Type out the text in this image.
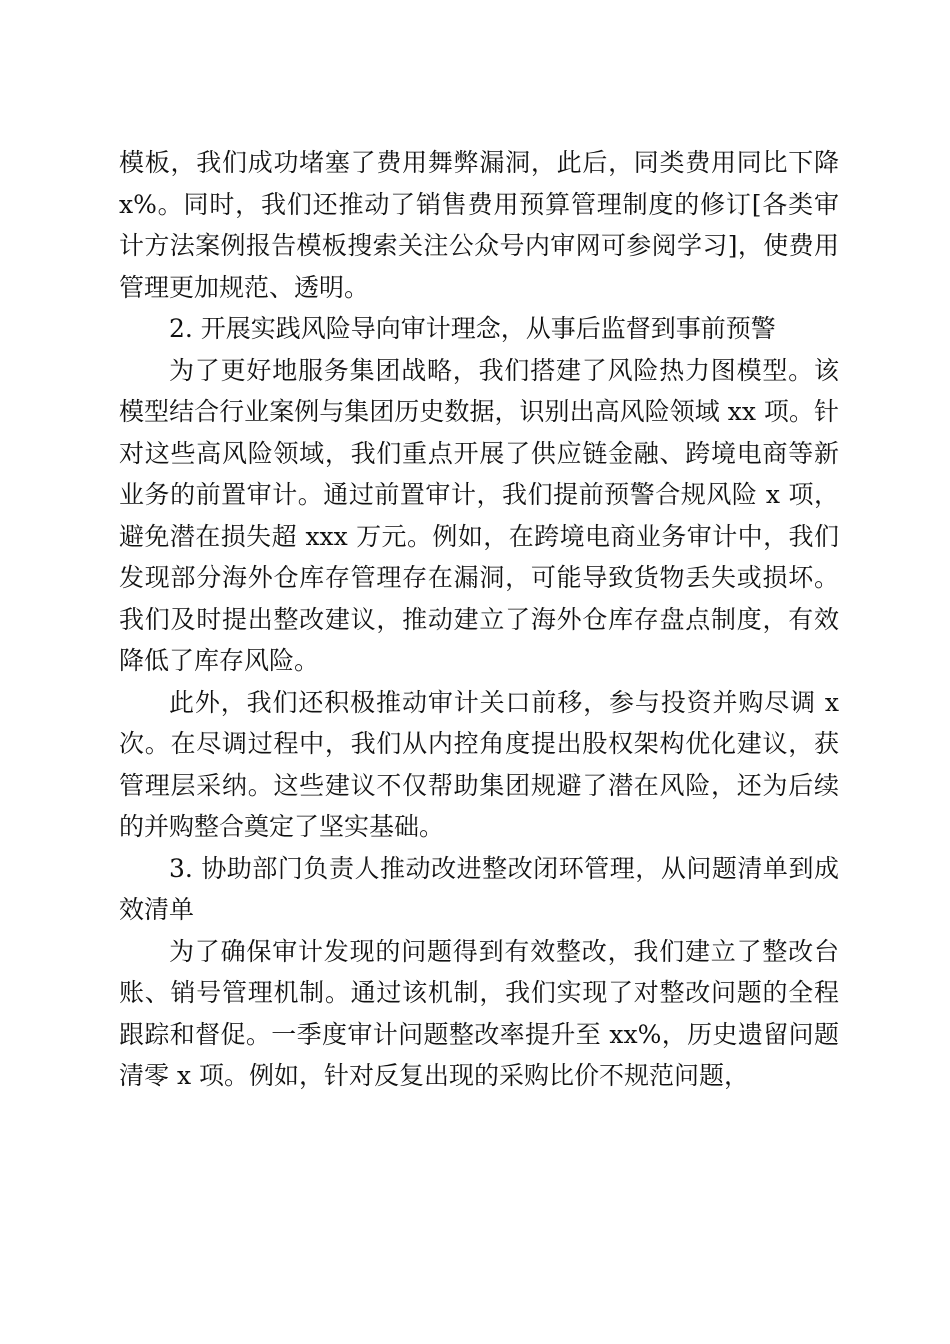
模板，我们成功堵塞了费用舞弊漏洞，此后，同类费用同比下降 x%。同时，我们还推动了销售费用预算管理制度的修订[各类审计方法案例报告模板搜索关注公众号内审网可参阅学习]，使费用管理更加规范、透明。

2. 开展实践风险导向审计理念，从事后监督到事前预警

为了更好地服务集团战略，我们搭建了风险热力图模型。该模型结合行业案例与集团历史数据，识别出高风险领域 xx 项。针对这些高风险领域，我们重点开展了供应链金融、跨境电商等新业务的前置审计。通过前置审计，我们提前预警合规风险 x 项，避免潜在损失超 xxx 万元。例如，在跨境电商业务审计中，我们发现部分海外仓库存管理存在漏洞，可能导致货物丢失或损坏。我们及时提出整改建议，推动建立了海外仓库存盘点制度，有效降低了库存风险。

此外，我们还积极推动审计关口前移，参与投资并购尽调 x 次。在尽调过程中，我们从内控角度提出股权架构优化建议，获管理层采纳。这些建议不仅帮助集团规避了潜在风险，还为后续的并购整合奠定了坚实基础。

3. 协助部门负责人推动改进整改闭环管理，从问题清单到成效清单

为了确保审计发现的问题得到有效整改，我们建立了整改台账、销号管理机制。通过该机制，我们实现了对整改问题的全程跟踪和督促。一季度审计问题整改率提升至 xx%，历史遗留问题清零 x 项。例如，针对反复出现的采购比价不规范问题，
